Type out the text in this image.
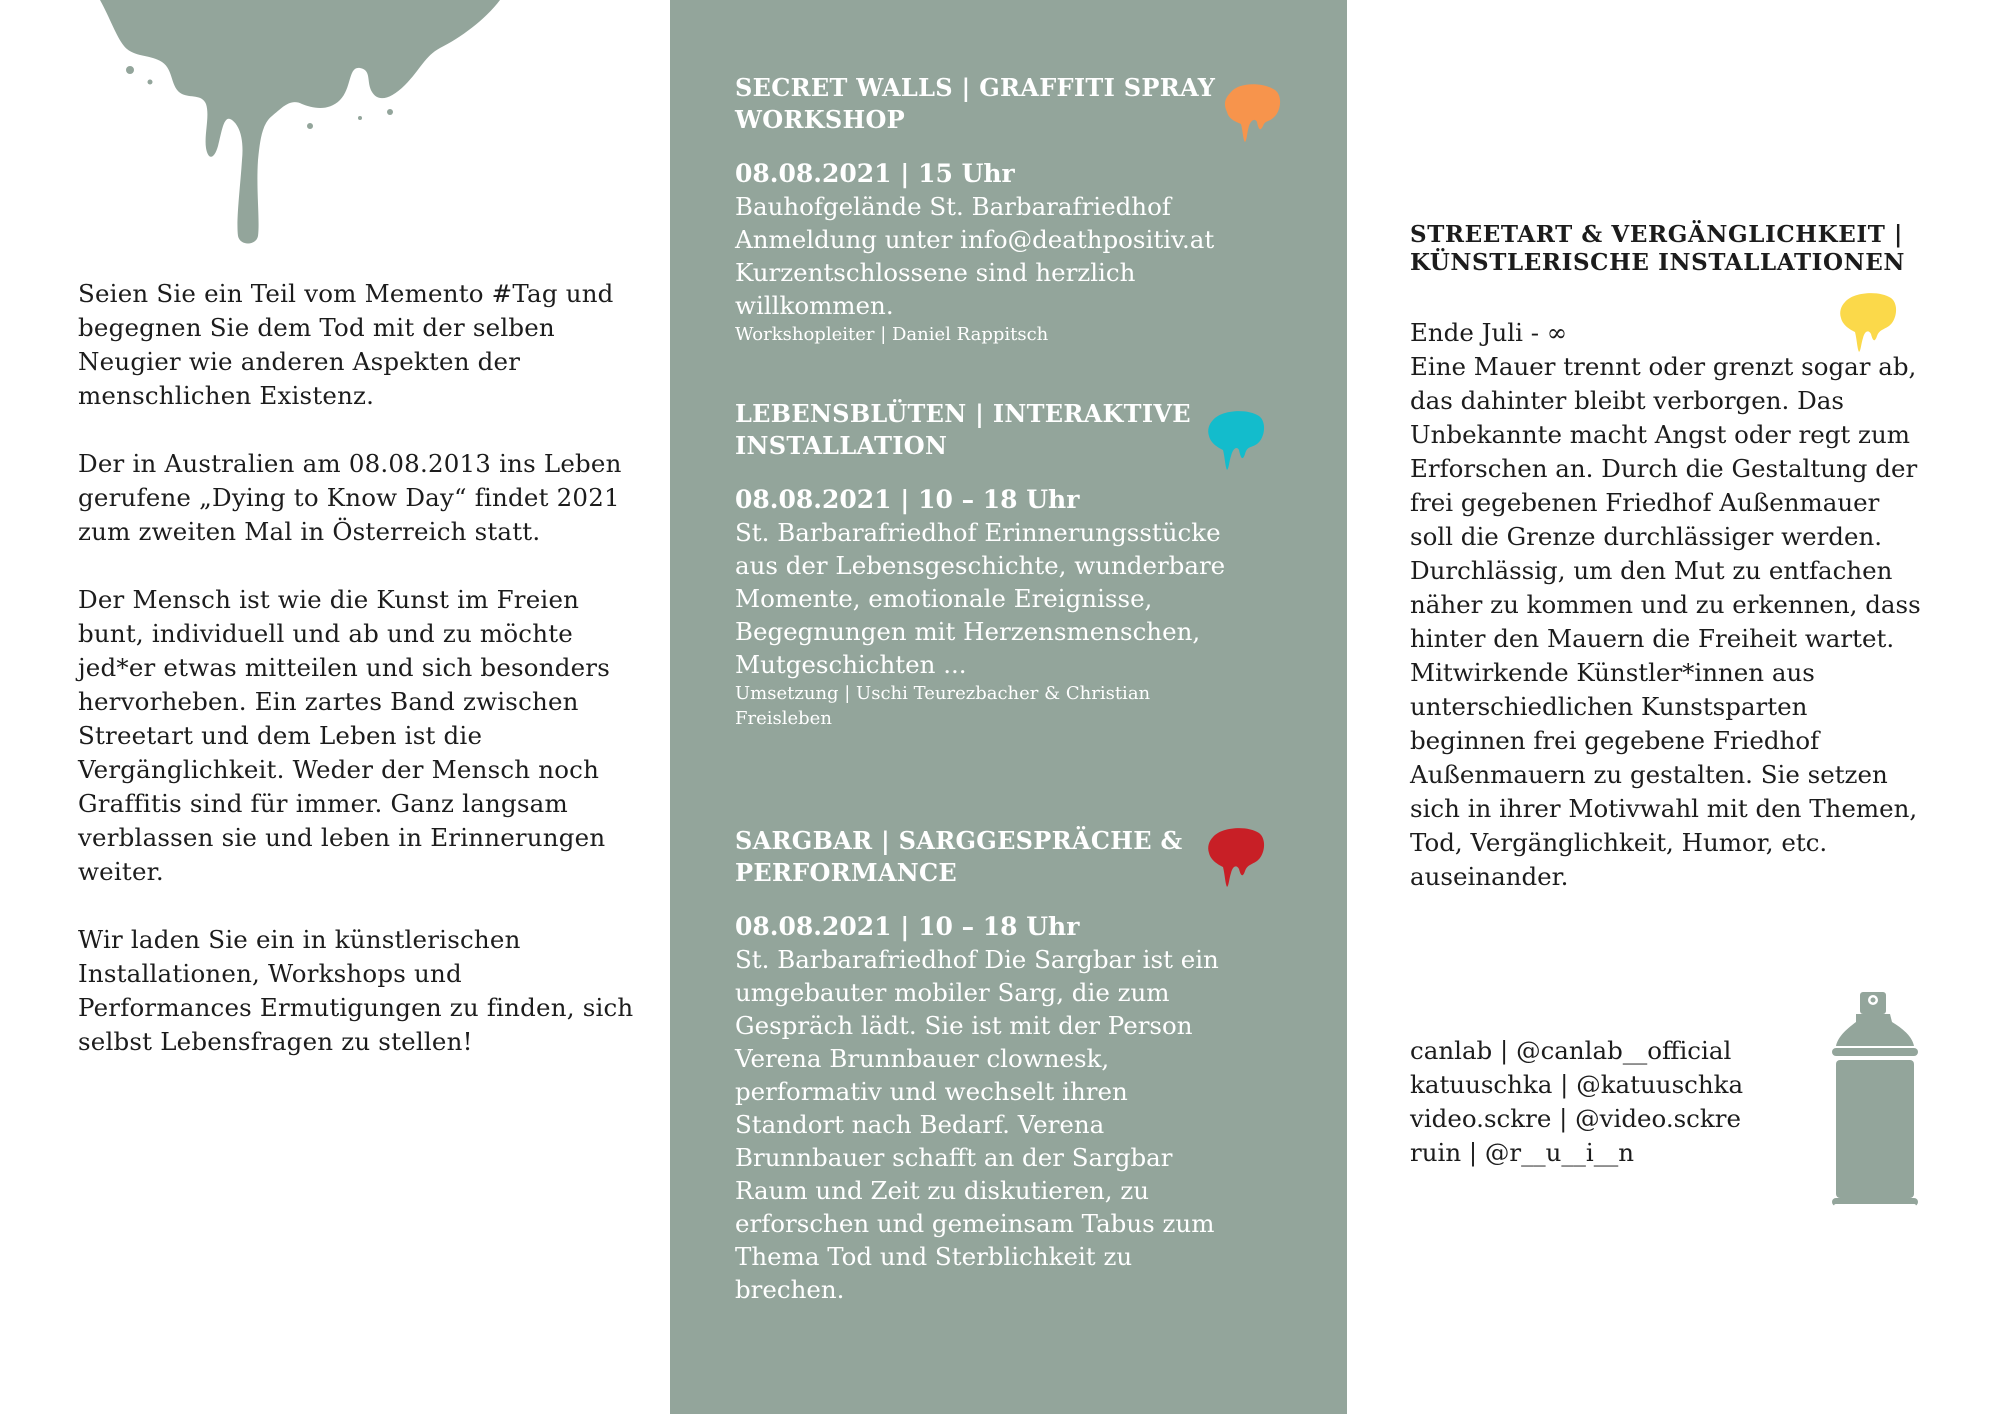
Seien Sie ein Teil vom Memento #Tag und begegnen Sie dem Tod mit der selben Neugier wie anderen Aspekten der menschlichen Existenz.

Der in Australien am 08.08.2013 ins Leben gerufene „Dying to Know Day“ findet 2021 zum zweiten Mal in Österreich statt.

Der Mensch ist wie die Kunst im Freien bunt, individuell und ab und zu möchte jed*er etwas mitteilen und sich besonders hervorheben. Ein zartes Band zwischen Streetart und dem Leben ist die Vergänglichkeit. Weder der Mensch noch Graffitis sind für immer. Ganz langsam verblassen sie und leben in Erinnerungen weiter.

Wir laden Sie ein in künstlerischen Installationen, Workshops und Performances Ermutigungen zu finden, sich selbst Lebensfragen zu stellen!

SECRET WALLS | GRAFFITI SPRAY WORKSHOP
08.08.2021 | 15 Uhr
Bauhofgelände St. Barbarafriedhof Anmeldung unter info@deathpositiv.at Kurzentschlossene sind herzlich willkommen.
Workshopleiter | Daniel Rappitsch
LEBENSBLÜTEN | INTERAKTIVE INSTALLATION
08.08.2021 | 10 – 18 Uhr
St. Barbarafriedhof Erinnerungsstücke aus der Lebensgeschichte, wunderbare Momente, emotionale Ereignisse, Begegnungen mit Herzensmenschen, Mutgeschichten ...
Umsetzung | Uschi Teurezbacher & Christian Freisleben
SARGBAR | SARGGESPRÄCHE & PERFORMANCE
08.08.2021 | 10 – 18 Uhr
St. Barbarafriedhof Die Sargbar ist ein umgebauter mobiler Sarg, die zum Gespräch lädt. Sie ist mit der Person Verena Brunnbauer clownesk, performativ und wechselt ihren Standort nach Bedarf. Verena Brunnbauer schafft an der Sargbar Raum und Zeit zu diskutieren, zu erforschen und gemeinsam Tabus zum Thema Tod und Sterblichkeit zu brechen.
STREETART & VERGÄNGLICHKEIT | KÜNSTLERISCHE INSTALLATIONEN
Ende Juli - ∞

Eine Mauer trennt oder grenzt sogar ab, das dahinter bleibt verborgen. Das Unbekannte macht Angst oder regt zum Erforschen an. Durch die Gestaltung der frei gegebenen Friedhof Außenmauer soll die Grenze durchlässiger werden. Durchlässig, um den Mut zu entfachen näher zu kommen und zu erkennen, dass hinter den Mauern die Freiheit wartet.

Mitwirkende Künstler*innen aus unterschiedlichen Kunstsparten beginnen frei gegebene Friedhof Außenmauern zu gestalten. Sie setzen sich in ihrer Motivwahl mit den Themen, Tod, Vergänglichkeit, Humor, etc. auseinander.

canlab | @canlab__official
katuuschka | @katuuschka
video.sckre | @video.sckre
ruin | @r__u__i__n
